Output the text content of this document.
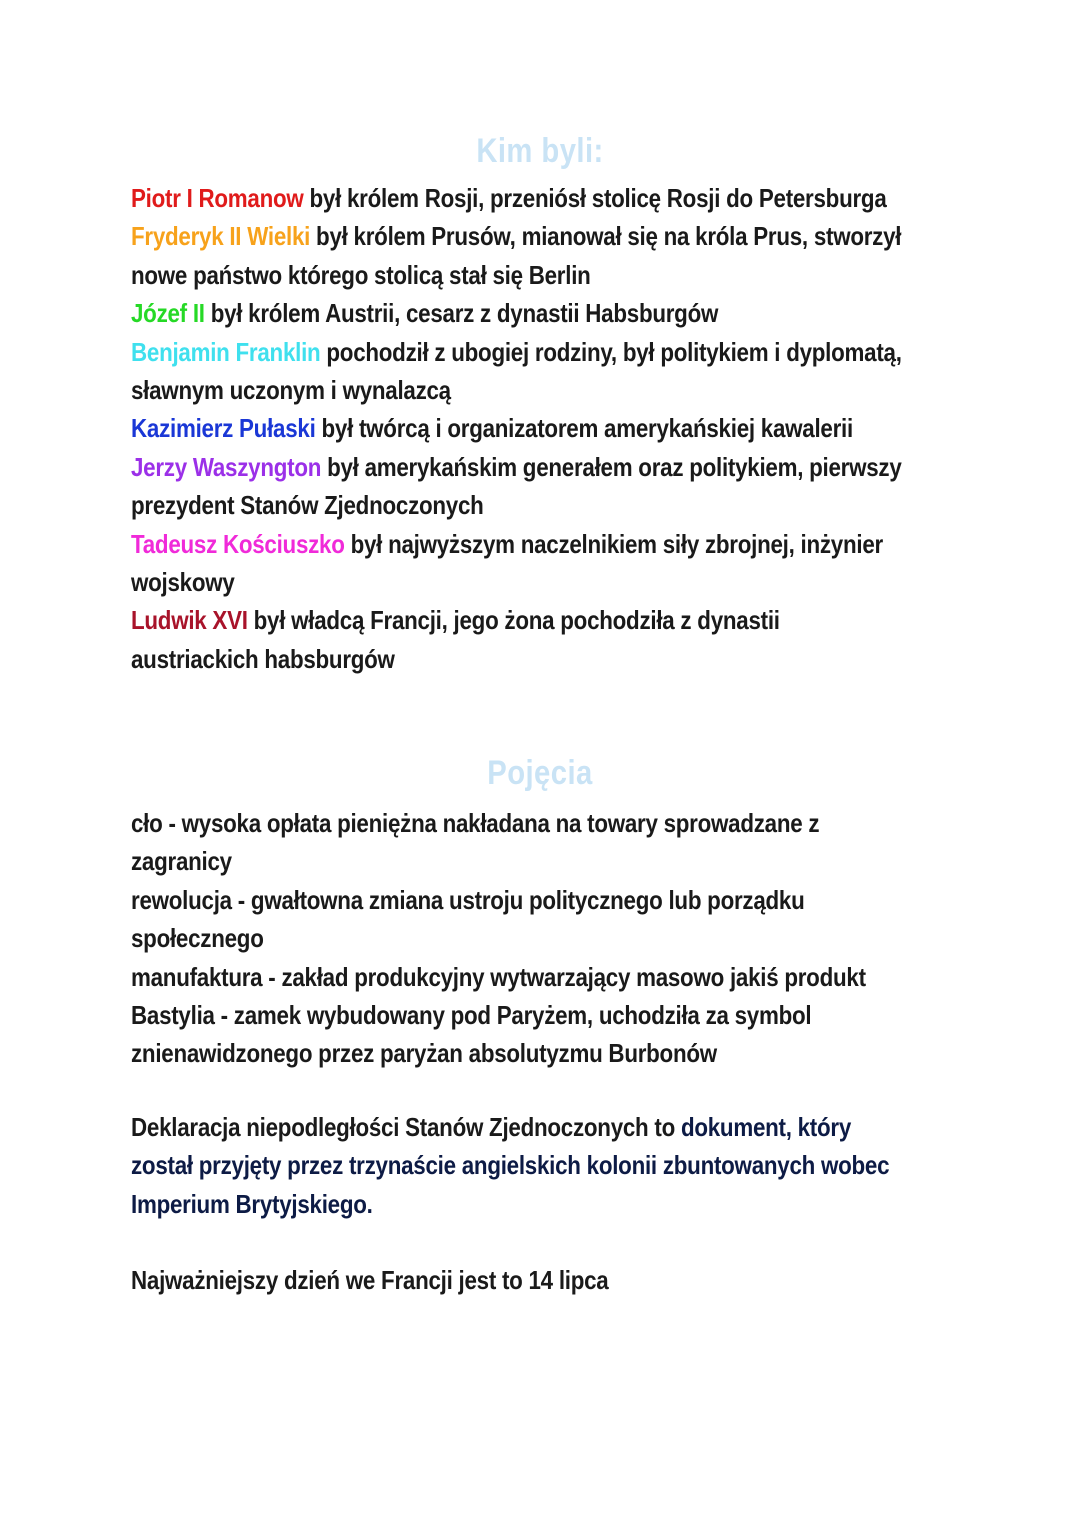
Kim byli:
Piotr I Romanow był królem Rosji, przeniósł stolicę Rosji do Petersburga
Fryderyk II Wielki był królem Prusów, mianował się na króla Prus, stworzył
nowe państwo którego stolicą stał się Berlin
Józef II był królem Austrii, cesarz z dynastii Habsburgów
Benjamin Franklin pochodził z ubogiej rodziny, był politykiem i dyplomatą,
sławnym uczonym i wynalazcą
Kazimierz Pułaski był twórcą i organizatorem amerykańskiej kawalerii
Jerzy Waszyngton był amerykańskim generałem oraz politykiem, pierwszy
prezydent Stanów Zjednoczonych
Tadeusz Kościuszko był najwyższym naczelnikiem siły zbrojnej, inżynier
wojskowy
Ludwik XVI był władcą Francji, jego żona pochodziła z dynastii
austriackich habsburgów
Pojęcia
cło - wysoka opłata pieniężna nakładana na towary sprowadzane z
zagranicy
rewolucja - gwałtowna zmiana ustroju politycznego lub porządku
społecznego
manufaktura - zakład produkcyjny wytwarzający masowo jakiś produkt
Bastylia - zamek wybudowany pod Paryżem, uchodziła za symbol
znienawidzonego przez paryżan absolutyzmu Burbonów
Deklaracja niepodległości Stanów Zjednoczonych to dokument, który
został przyjęty przez trzynaście angielskich kolonii zbuntowanych wobec
Imperium Brytyjskiego.
Najważniejszy dzień we Francji jest to 14 lipca
